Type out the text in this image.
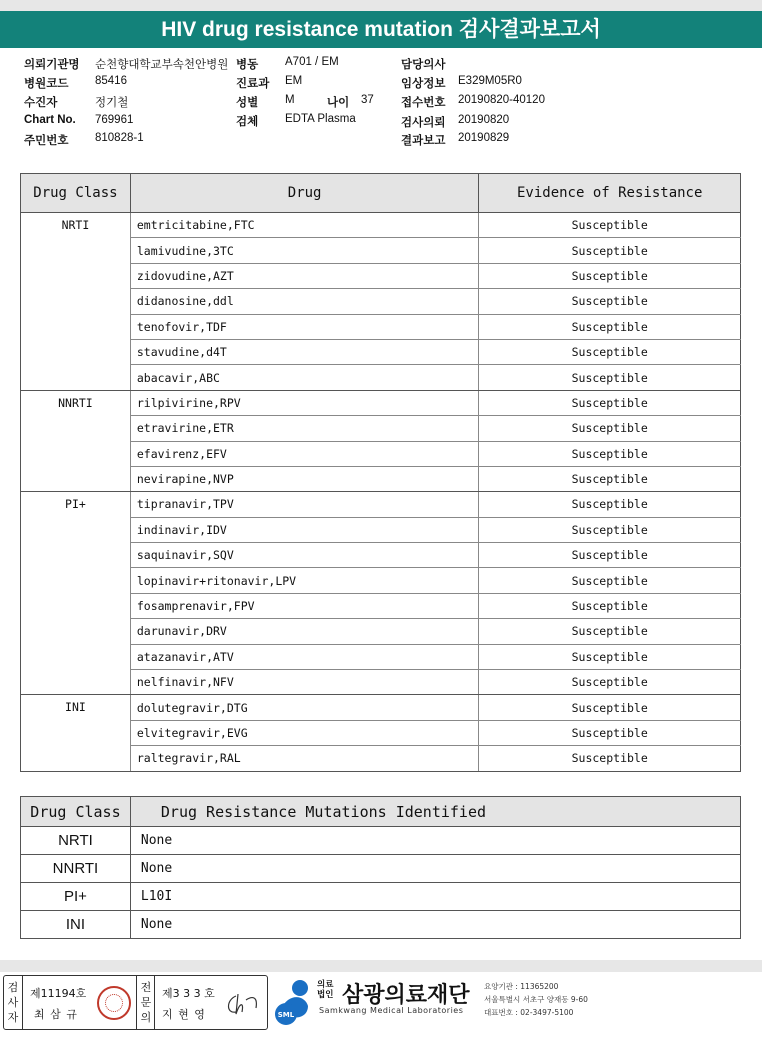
HIV drug resistance mutation 검사결과보고서
의뢰기관명 순천향대학교부속천안병원 병동 A701 / EM	담당의사
병원코드 85416	진료과 EM	임상정보 E329M05R0
수진자	정기철	성별 M	나이 37 접수번호 20190820-40120
Chart No. 769961	검체 EDTA Plasma	검사의뢰 20190820
주민번호 810828-1	결과보고 20190829
Drug Class	Drug	Evidence of Resistance
NRTI	emtricitabine,FTC	Susceptible
	lamivudine,3TC	Susceptible
	zidovudine,AZT	Susceptible
	didanosine,ddl	Susceptible
	tenofovir,TDF	Susceptible
	stavudine,d4T	Susceptible
	abacavir,ABC	Susceptible
NNRTI	rilpivirine,RPV	Susceptible
	etravirine,ETR	Susceptible
	efavirenz,EFV	Susceptible
	nevirapine,NVP	Susceptible
PI+	tipranavir,TPV	Susceptible
	indinavir,IDV	Susceptible
	saquinavir,SQV	Susceptible
	lopinavir+ritonavir,LPV	Susceptible
	fosamprenavir,FPV	Susceptible
	darunavir,DRV	Susceptible
	atazanavir,ATV	Susceptible
	nelfinavir,NFV	Susceptible
INI	dolutegravir,DTG	Susceptible
	elvitegravir,EVG	Susceptible
	raltegravir,RAL	Susceptible
Drug Class	Drug Resistance Mutations Identified
NRTI	None
NNRTI	None
PI+	L10I
INI	None
검
사
자
제11194호
최 삼 규
전
문
의
제3 3 3 호
지 현 영	SML
의료법인 삼광의료재단
Samkwang Medical Laboratories
요양기관 : 11365200
서울특별시 서초구 양재동 9-60
대표번호 : 02-3497-5100
